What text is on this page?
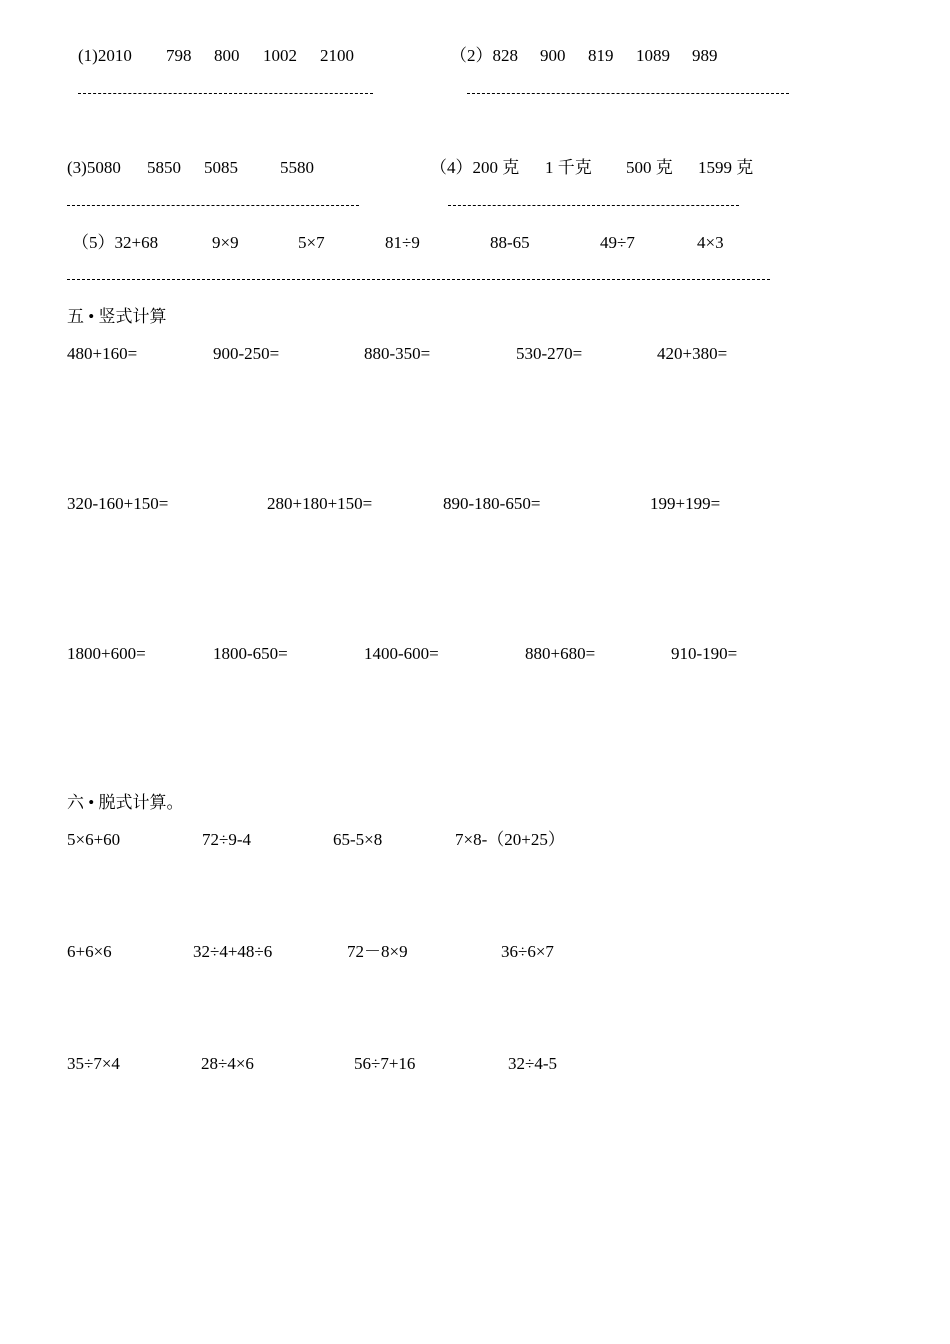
(1)2010 798 800 1002 2100	（2）828 900 819 1089 989
(3)5080 5850 5085 5580	（4）200 克 1 千克 500 克 1599 克
（5）32+68	9×9	5×7	81÷9	88-65	49÷7	4×3
五 • 竖式计算
480+160=	900-250=	880-350=	530-270=	420+380=
320-160+150=	280+180+150=	890-180-650=	199+199=
1800+600=	1800-650=	1400-600=	880+680=	910-190=
六 • 脱式计算。
5×6+60	72÷9-4	65-5×8	7×8-（20+25）
6+6×6	32÷4+48÷6	72－8×9	36÷6×7
35÷7×4	28÷4×6	56÷7+16	32÷4-5
